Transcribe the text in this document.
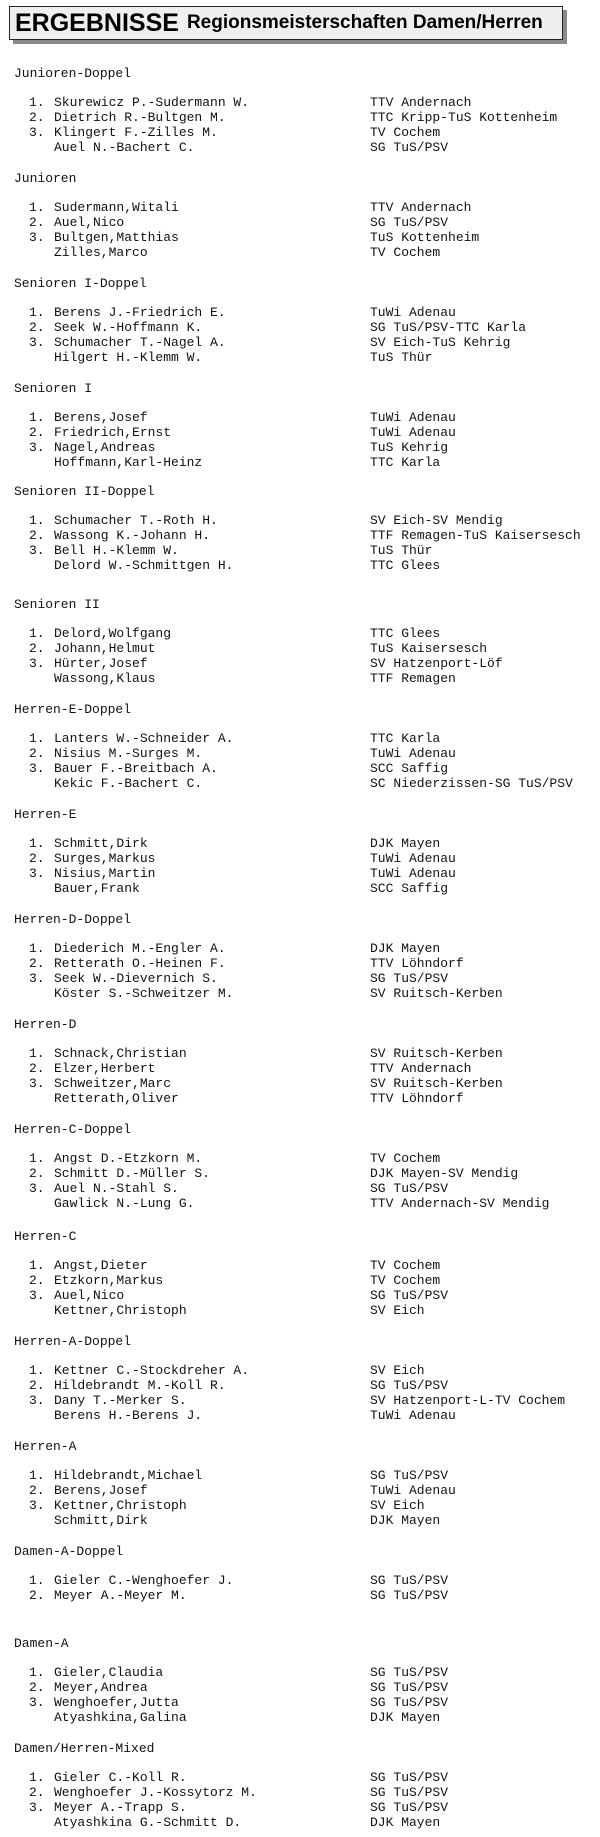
ERGEBNISSE Regionsmeisterschaften Damen/Herren
Junioren-Doppel
1. Skurewicz P.-Sudermann W.	TTV Andernach
2. Dietrich R.-Bultgen M.	TTC Kripp-TuS Kottenheim
3. Klingert F.-Zilles M.	TV Cochem
Auel N.-Bachert C.	SG TuS/PSV
Junioren
1. Sudermann,Witali	TTV Andernach
2. Auel,Nico	SG TuS/PSV
3. Bultgen,Matthias	TuS Kottenheim
Zilles,Marco	TV Cochem
Senioren I-Doppel
1. Berens J.-Friedrich E.	TuWi Adenau
2. Seek W.-Hoffmann K.	SG TuS/PSV-TTC Karla
3. Schumacher T.-Nagel A.	SV Eich-TuS Kehrig
Hilgert H.-Klemm W.	TuS Thür
Senioren I
1. Berens,Josef	TuWi Adenau
2. Friedrich,Ernst	TuWi Adenau
3. Nagel,Andreas	TuS Kehrig
Hoffmann,Karl-Heinz	TTC Karla
Senioren II-Doppel
1. Schumacher T.-Roth H.	SV Eich-SV Mendig
2. Wassong K.-Johann H.	TTF Remagen-TuS Kaisersesch
3. Bell H.-Klemm W.	TuS Thür
Delord W.-Schmittgen H.	TTC Glees
Senioren II
1. Delord,Wolfgang	TTC Glees
2. Johann,Helmut	TuS Kaisersesch
3. Hürter,Josef	SV Hatzenport-Löf
Wassong,Klaus	TTF Remagen
Herren-E-Doppel
1. Lanters W.-Schneider A.	TTC Karla
2. Nisius M.-Surges M.	TuWi Adenau
3. Bauer F.-Breitbach A.	SCC Saffig
Kekic F.-Bachert C.	SC Niederzissen-SG TuS/PSV
Herren-E
1. Schmitt,Dirk	DJK Mayen
2. Surges,Markus	TuWi Adenau
3. Nisius,Martin	TuWi Adenau
Bauer,Frank	SCC Saffig
Herren-D-Doppel
1. Diederich M.-Engler A.	DJK Mayen
2. Retterath O.-Heinen F.	TTV Löhndorf
3. Seek W.-Dievernich S.	SG TuS/PSV
Köster S.-Schweitzer M.	SV Ruitsch-Kerben
Herren-D
1. Schnack,Christian	SV Ruitsch-Kerben
2. Elzer,Herbert	TTV Andernach
3. Schweitzer,Marc	SV Ruitsch-Kerben
Retterath,Oliver	TTV Löhndorf
Herren-C-Doppel
1. Angst D.-Etzkorn M.	TV Cochem
2. Schmitt D.-Müller S.	DJK Mayen-SV Mendig
3. Auel N.-Stahl S.	SG TuS/PSV
Gawlick N.-Lung G.	TTV Andernach-SV Mendig
Herren-C
1. Angst,Dieter	TV Cochem
2. Etzkorn,Markus	TV Cochem
3. Auel,Nico	SG TuS/PSV
Kettner,Christoph	SV Eich
Herren-A-Doppel
1. Kettner C.-Stockdreher A.	SV Eich
2. Hildebrandt M.-Koll R.	SG TuS/PSV
3. Dany T.-Merker S.	SV Hatzenport-L-TV Cochem
Berens H.-Berens J.	TuWi Adenau
Herren-A
1. Hildebrandt,Michael	SG TuS/PSV
2. Berens,Josef	TuWi Adenau
3. Kettner,Christoph	SV Eich
Schmitt,Dirk	DJK Mayen
Damen-A-Doppel
1. Gieler C.-Wenghoefer J.	SG TuS/PSV
2. Meyer A.-Meyer M.	SG TuS/PSV
Damen-A
1. Gieler,Claudia	SG TuS/PSV
2. Meyer,Andrea	SG TuS/PSV
3. Wenghoefer,Jutta	SG TuS/PSV
Atyashkina,Galina	DJK Mayen
Damen/Herren-Mixed
1. Gieler C.-Koll R.	SG TuS/PSV
2. Wenghoefer J.-Kossytorz M.	SG TuS/PSV
3. Meyer A.-Trapp S.	SG TuS/PSV
Atyashkina G.-Schmitt D.	DJK Mayen
